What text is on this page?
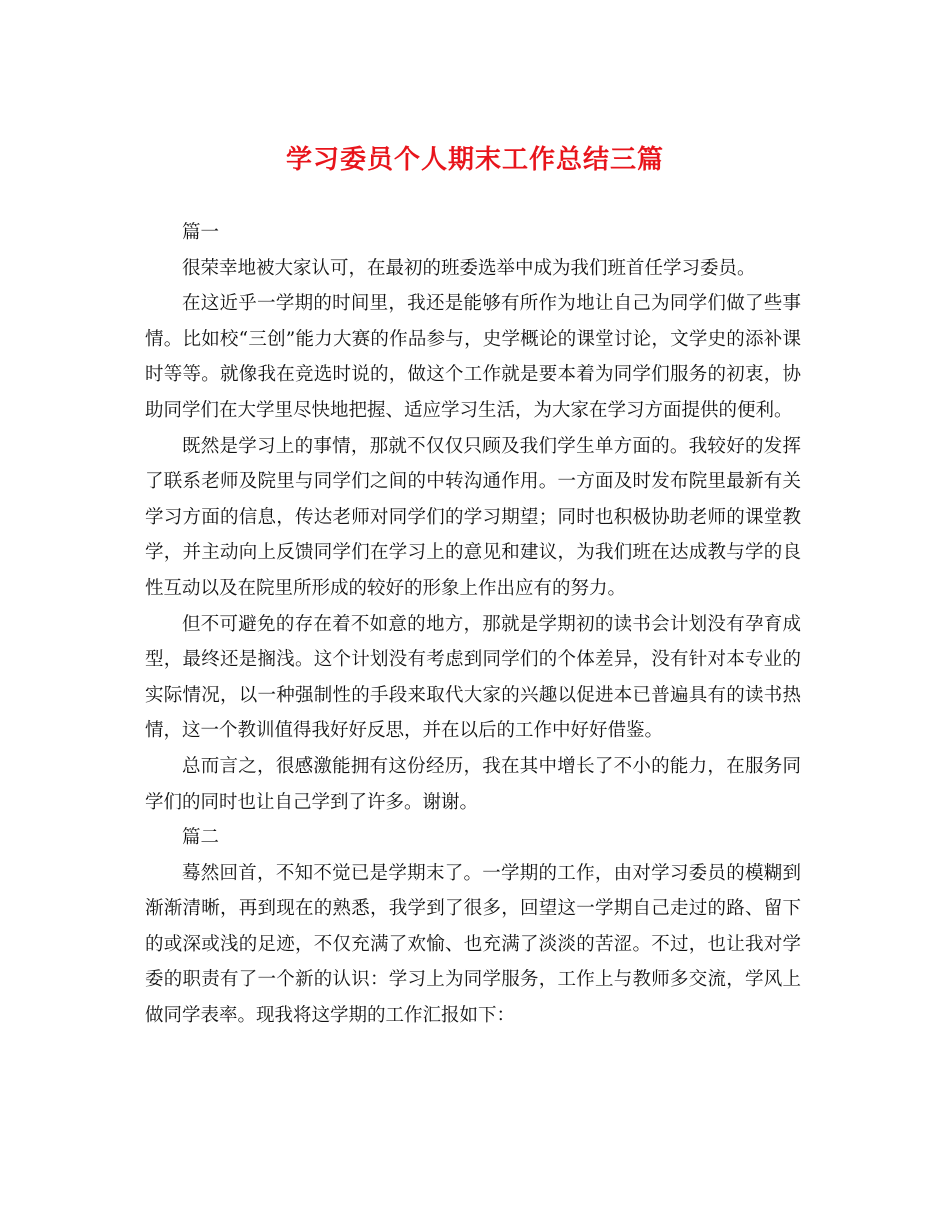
学习委员个人期末工作总结三篇

篇一

很荣幸地被大家认可，在最初的班委选举中成为我们班首任学习委员。

在这近乎一学期的时间里，我还是能够有所作为地让自己为同学们做了些事情。比如校“三创”能力大赛的作品参与，史学概论的课堂讨论，文学史的添补课时等等。就像我在竞选时说的，做这个工作就是要本着为同学们服务的初衷，协助同学们在大学里尽快地把握、适应学习生活，为大家在学习方面提供的便利。

既然是学习上的事情，那就不仅仅只顾及我们学生单方面的。我较好的发挥了联系老师及院里与同学们之间的中转沟通作用。一方面及时发布院里最新有关学习方面的信息，传达老师对同学们的学习期望；同时也积极协助老师的课堂教学，并主动向上反馈同学们在学习上的意见和建议，为我们班在达成教与学的良性互动以及在院里所形成的较好的形象上作出应有的努力。

但不可避免的存在着不如意的地方，那就是学期初的读书会计划没有孕育成型，最终还是搁浅。这个计划没有考虑到同学们的个体差异，没有针对本专业的实际情况，以一种强制性的手段来取代大家的兴趣以促进本已普遍具有的读书热情，这一个教训值得我好好反思，并在以后的工作中好好借鉴。

总而言之，很感激能拥有这份经历，我在其中增长了不小的能力，在服务同学们的同时也让自己学到了许多。谢谢。

篇二

蓦然回首，不知不觉已是学期末了。一学期的工作，由对学习委员的模糊到渐渐清晰，再到现在的熟悉，我学到了很多，回望这一学期自己走过的路、留下的或深或浅的足迹，不仅充满了欢愉、也充满了淡淡的苦涩。不过，也让我对学委的职责有了一个新的认识：学习上为同学服务，工作上与教师多交流，学风上做同学表率。现我将这学期的工作汇报如下：
